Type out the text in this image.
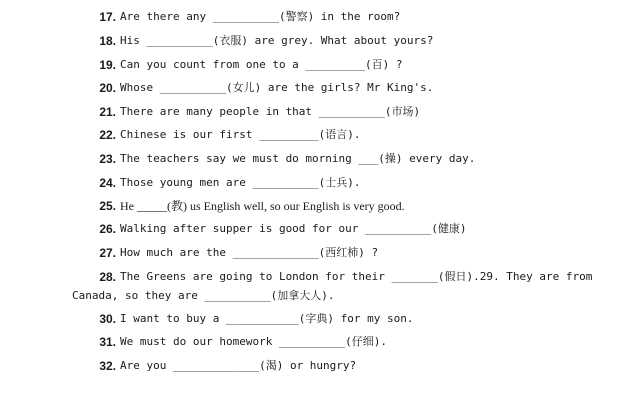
17. Are there any __________(警察) in the room?
18. His __________(衣服) are grey. What about yours?
19. Can you count from one to a _________(百) ?
20. Whose __________(女儿) are the girls? Mr King's.
21. There are many people in that __________(市场)
22. Chinese is our first _________(语言).
23. The teachers say we must do morning ___(操) every day.
24. Those young men are __________(士兵).
25. He _____(教) us English well, so our English is very good.
26. Walking after supper is good for our __________(健康)
27. How much are the _____________(西红柿) ?
28. The Greens are going to London for their _______(假日).29. They are from
Canada, so they are __________(加拿大人).
30. I want to buy a ___________(字典) for my son.
31. We must do our homework __________(仔细).
32. Are you _____________(渴) or hungry?
